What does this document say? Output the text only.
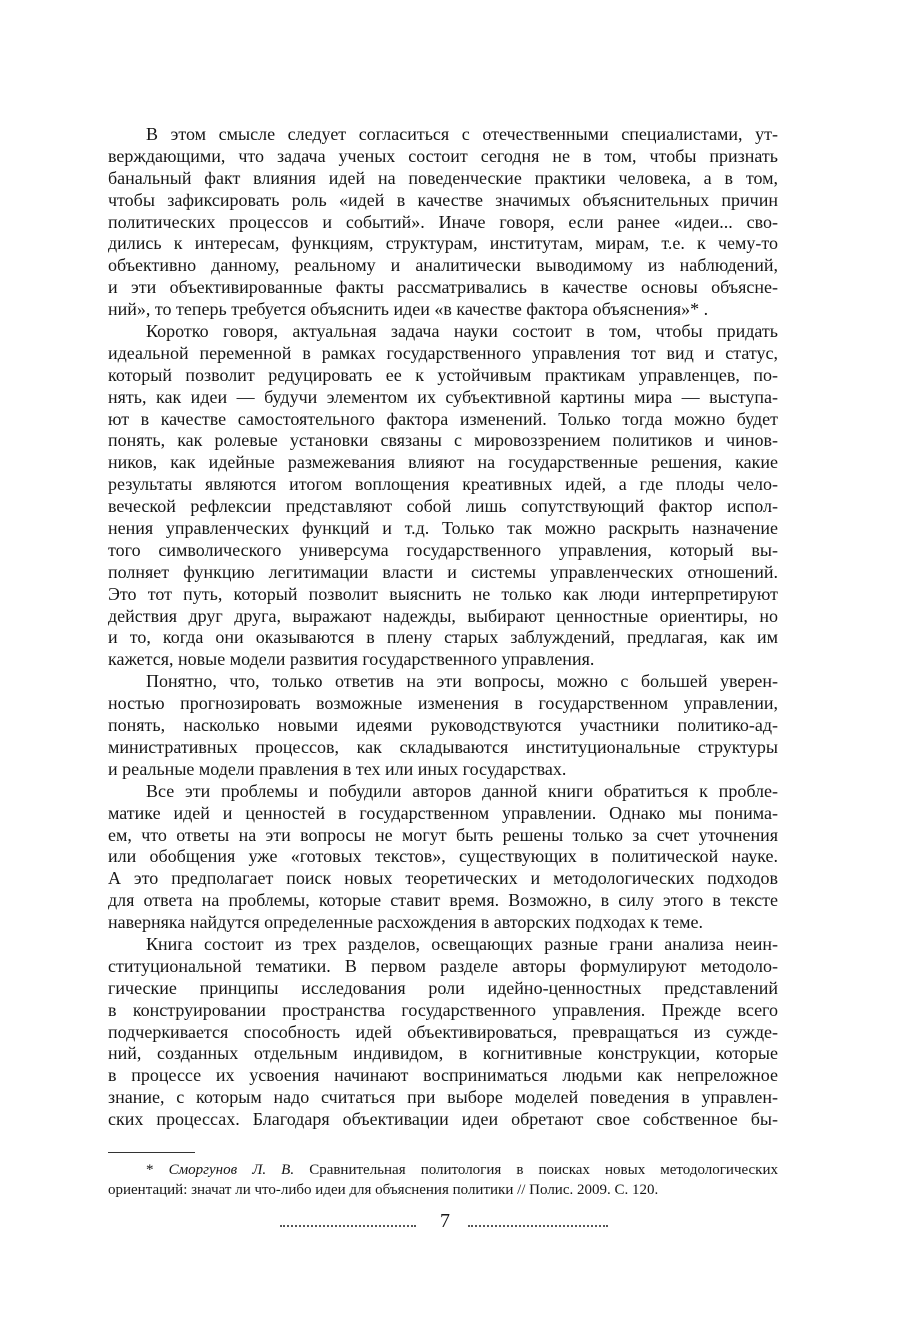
В этом смысле следует согласиться с отечественными специалистами, ут-
верждающими, что задача ученых состоит сегодня не в том, чтобы признать
банальный факт влияния идей на поведенческие практики человека, а в том,
чтобы зафиксировать роль «идей в качестве значимых объяснительных причин
политических процессов и событий». Иначе говоря, если ранее «идеи... сво-
дились к интересам, функциям, структурам, институтам, мирам, т.е. к чему-то
объективно данному, реальному и аналитически выводимому из наблюдений,
и эти объективированные факты рассматривались в качестве основы объясне-
ний», то теперь требуется объяснить идеи «в качестве фактора объяснения»* .
Коротко говоря, актуальная задача науки состоит в том, чтобы придать
идеальной переменной в рамках государственного управления тот вид и статус,
который позволит редуцировать ее к устойчивым практикам управленцев, по-
нять, как идеи — будучи элементом их субъективной картины мира — выступа-
ют в качестве самостоятельного фактора изменений. Только тогда можно будет
понять, как ролевые установки связаны с мировоззрением политиков и чинов-
ников, как идейные размежевания влияют на государственные решения, какие
результаты являются итогом воплощения креативных идей, а где плоды чело-
веческой рефлексии представляют собой лишь сопутствующий фактор испол-
нения управленческих функций и т.д. Только так можно раскрыть назначение
того символического универсума государственного управления, который вы-
полняет функцию легитимации власти и системы управленческих отношений.
Это тот путь, который позволит выяснить не только как люди интерпретируют
действия друг друга, выражают надежды, выбирают ценностные ориентиры, но
и то, когда они оказываются в плену старых заблуждений, предлагая, как им
кажется, новые модели развития государственного управления.
Понятно, что, только ответив на эти вопросы, можно с большей уверен-
ностью прогнозировать возможные изменения в государственном управлении,
понять, насколько новыми идеями руководствуются участники политико-ад-
министративных процессов, как складываются институциональные структуры
и реальные модели правления в тех или иных государствах.
Все эти проблемы и побудили авторов данной книги обратиться к пробле-
матике идей и ценностей в государственном управлении. Однако мы понима-
ем, что ответы на эти вопросы не могут быть решены только за счет уточнения
или обобщения уже «готовых текстов», существующих в политической науке.
А это предполагает поиск новых теоретических и методологических подходов
для ответа на проблемы, которые ставит время. Возможно, в силу этого в тексте
наверняка найдутся определенные расхождения в авторских подходах к теме.
Книга состоит из трех разделов, освещающих разные грани анализа неин-
ституциональной тематики. В первом разделе авторы формулируют методоло-
гические принципы исследования роли идейно-ценностных представлений
в конструировании пространства государственного управления. Прежде всего
подчеркивается способность идей объективироваться, превращаться из сужде-
ний, созданных отдельным индивидом, в когнитивные конструкции, которые
в процессе их усвоения начинают восприниматься людьми как непреложное
знание, с которым надо считаться при выборе моделей поведения в управлен-
ских процессах. Благодаря объективации идеи обретают свое собственное бы-
* Сморгунов Л. В. Сравнительная политология в поисках новых методологических
ориентаций: значат ли что-либо идеи для объяснения политики // Полис. 2009. С. 120.
7
